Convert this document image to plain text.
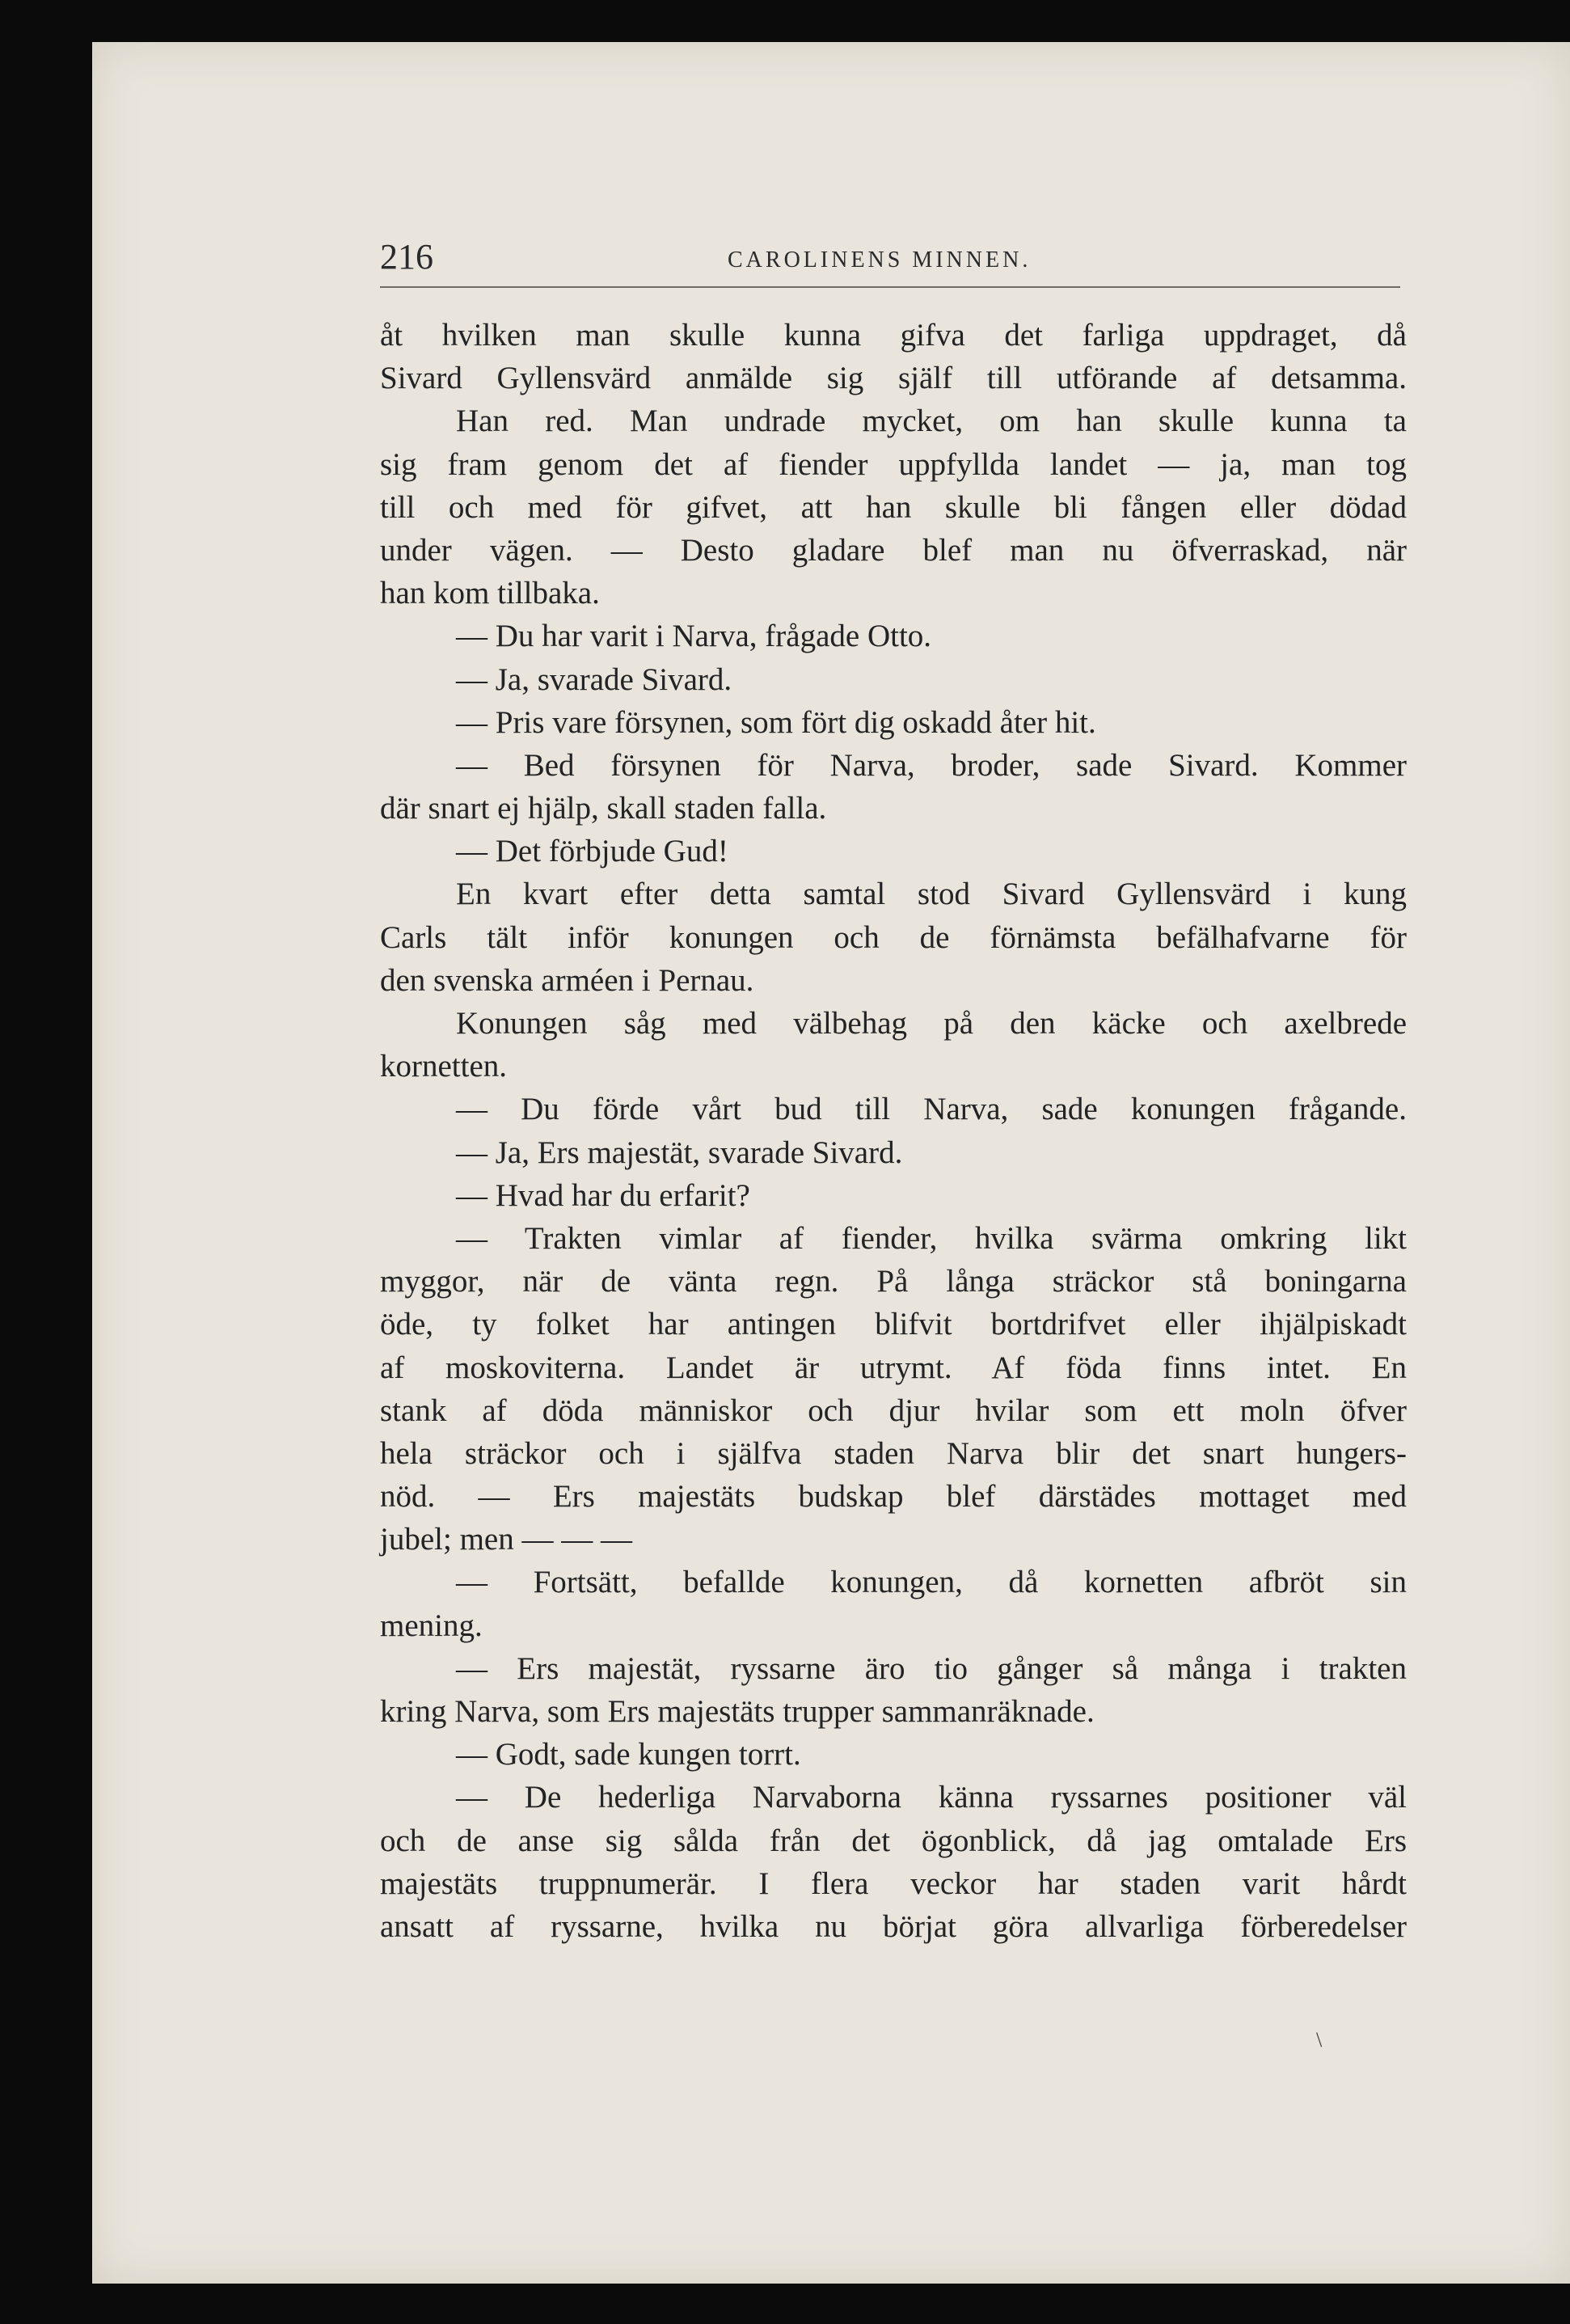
216	CAROLINENS MINNEN.
åt hvilken man skulle kunna gifva det farliga uppdraget, då
Sivard Gyllensvärd anmälde sig själf till utförande af detsamma.
Han red. Man undrade mycket, om han skulle kunna ta
sig fram genom det af fiender uppfyllda landet — ja, man tog
till och med för gifvet, att han skulle bli fången eller dödad
under vägen. — Desto gladare blef man nu öfverraskad, när
han kom tillbaka.
— Du har varit i Narva, frågade Otto.
— Ja, svarade Sivard.
— Pris vare försynen, som fört dig oskadd åter hit.
— Bed försynen för Narva, broder, sade Sivard. Kommer
där snart ej hjälp, skall staden falla.
— Det förbjude Gud!
En kvart efter detta samtal stod Sivard Gyllensvärd i kung
Carls tält inför konungen och de förnämsta befälhafvarne för
den svenska arméen i Pernau.
Konungen såg med välbehag på den käcke och axelbrede
kornetten.
— Du förde vårt bud till Narva, sade konungen frågande.
— Ja, Ers majestät, svarade Sivard.
— Hvad har du erfarit?
— Trakten vimlar af fiender, hvilka svärma omkring likt
myggor, när de vänta regn. På långa sträckor stå boningarna
öde, ty folket har antingen blifvit bortdrifvet eller ihjälpiskadt
af moskoviterna. Landet är utrymt. Af föda finns intet. En
stank af döda människor och djur hvilar som ett moln öfver
hela sträckor och i själfva staden Narva blir det snart hungers-
nöd. — Ers majestäts budskap blef därstädes mottaget med
jubel; men — — —
— Fortsätt, befallde konungen, då kornetten afbröt sin
mening.
— Ers majestät, ryssarne äro tio gånger så många i trakten
kring Narva, som Ers majestäts trupper sammanräknade.
— Godt, sade kungen torrt.
— De hederliga Narvaborna känna ryssarnes positioner väl
och de anse sig sålda från det ögonblick, då jag omtalade Ers
majestäts truppnumerär. I flera veckor har staden varit hårdt
ansatt af ryssarne, hvilka nu börjat göra allvarliga förberedelser
\
